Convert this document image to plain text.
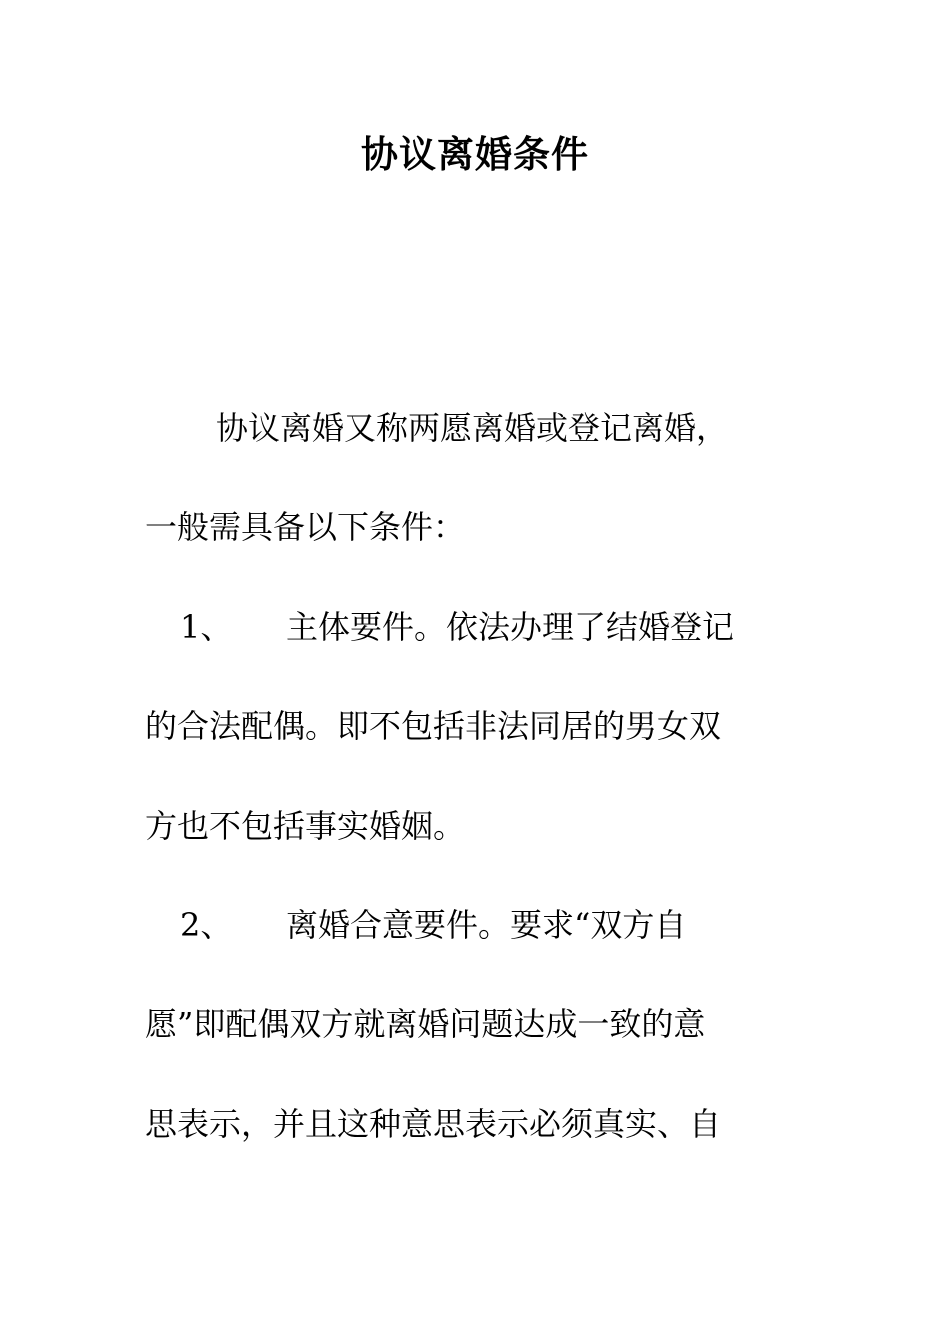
协议离婚条件
协议离婚又称两愿离婚或登记离婚，
一般需具备以下条件：
1、 主体要件。依法办理了结婚登记
的合法配偶。即不包括非法同居的男女双
方也不包括事实婚姻。
2、 离婚合意要件。要求“双方自
愿”即配偶双方就离婚问题达成一致的意
思表示，并且这种意思表示必须真实、自
